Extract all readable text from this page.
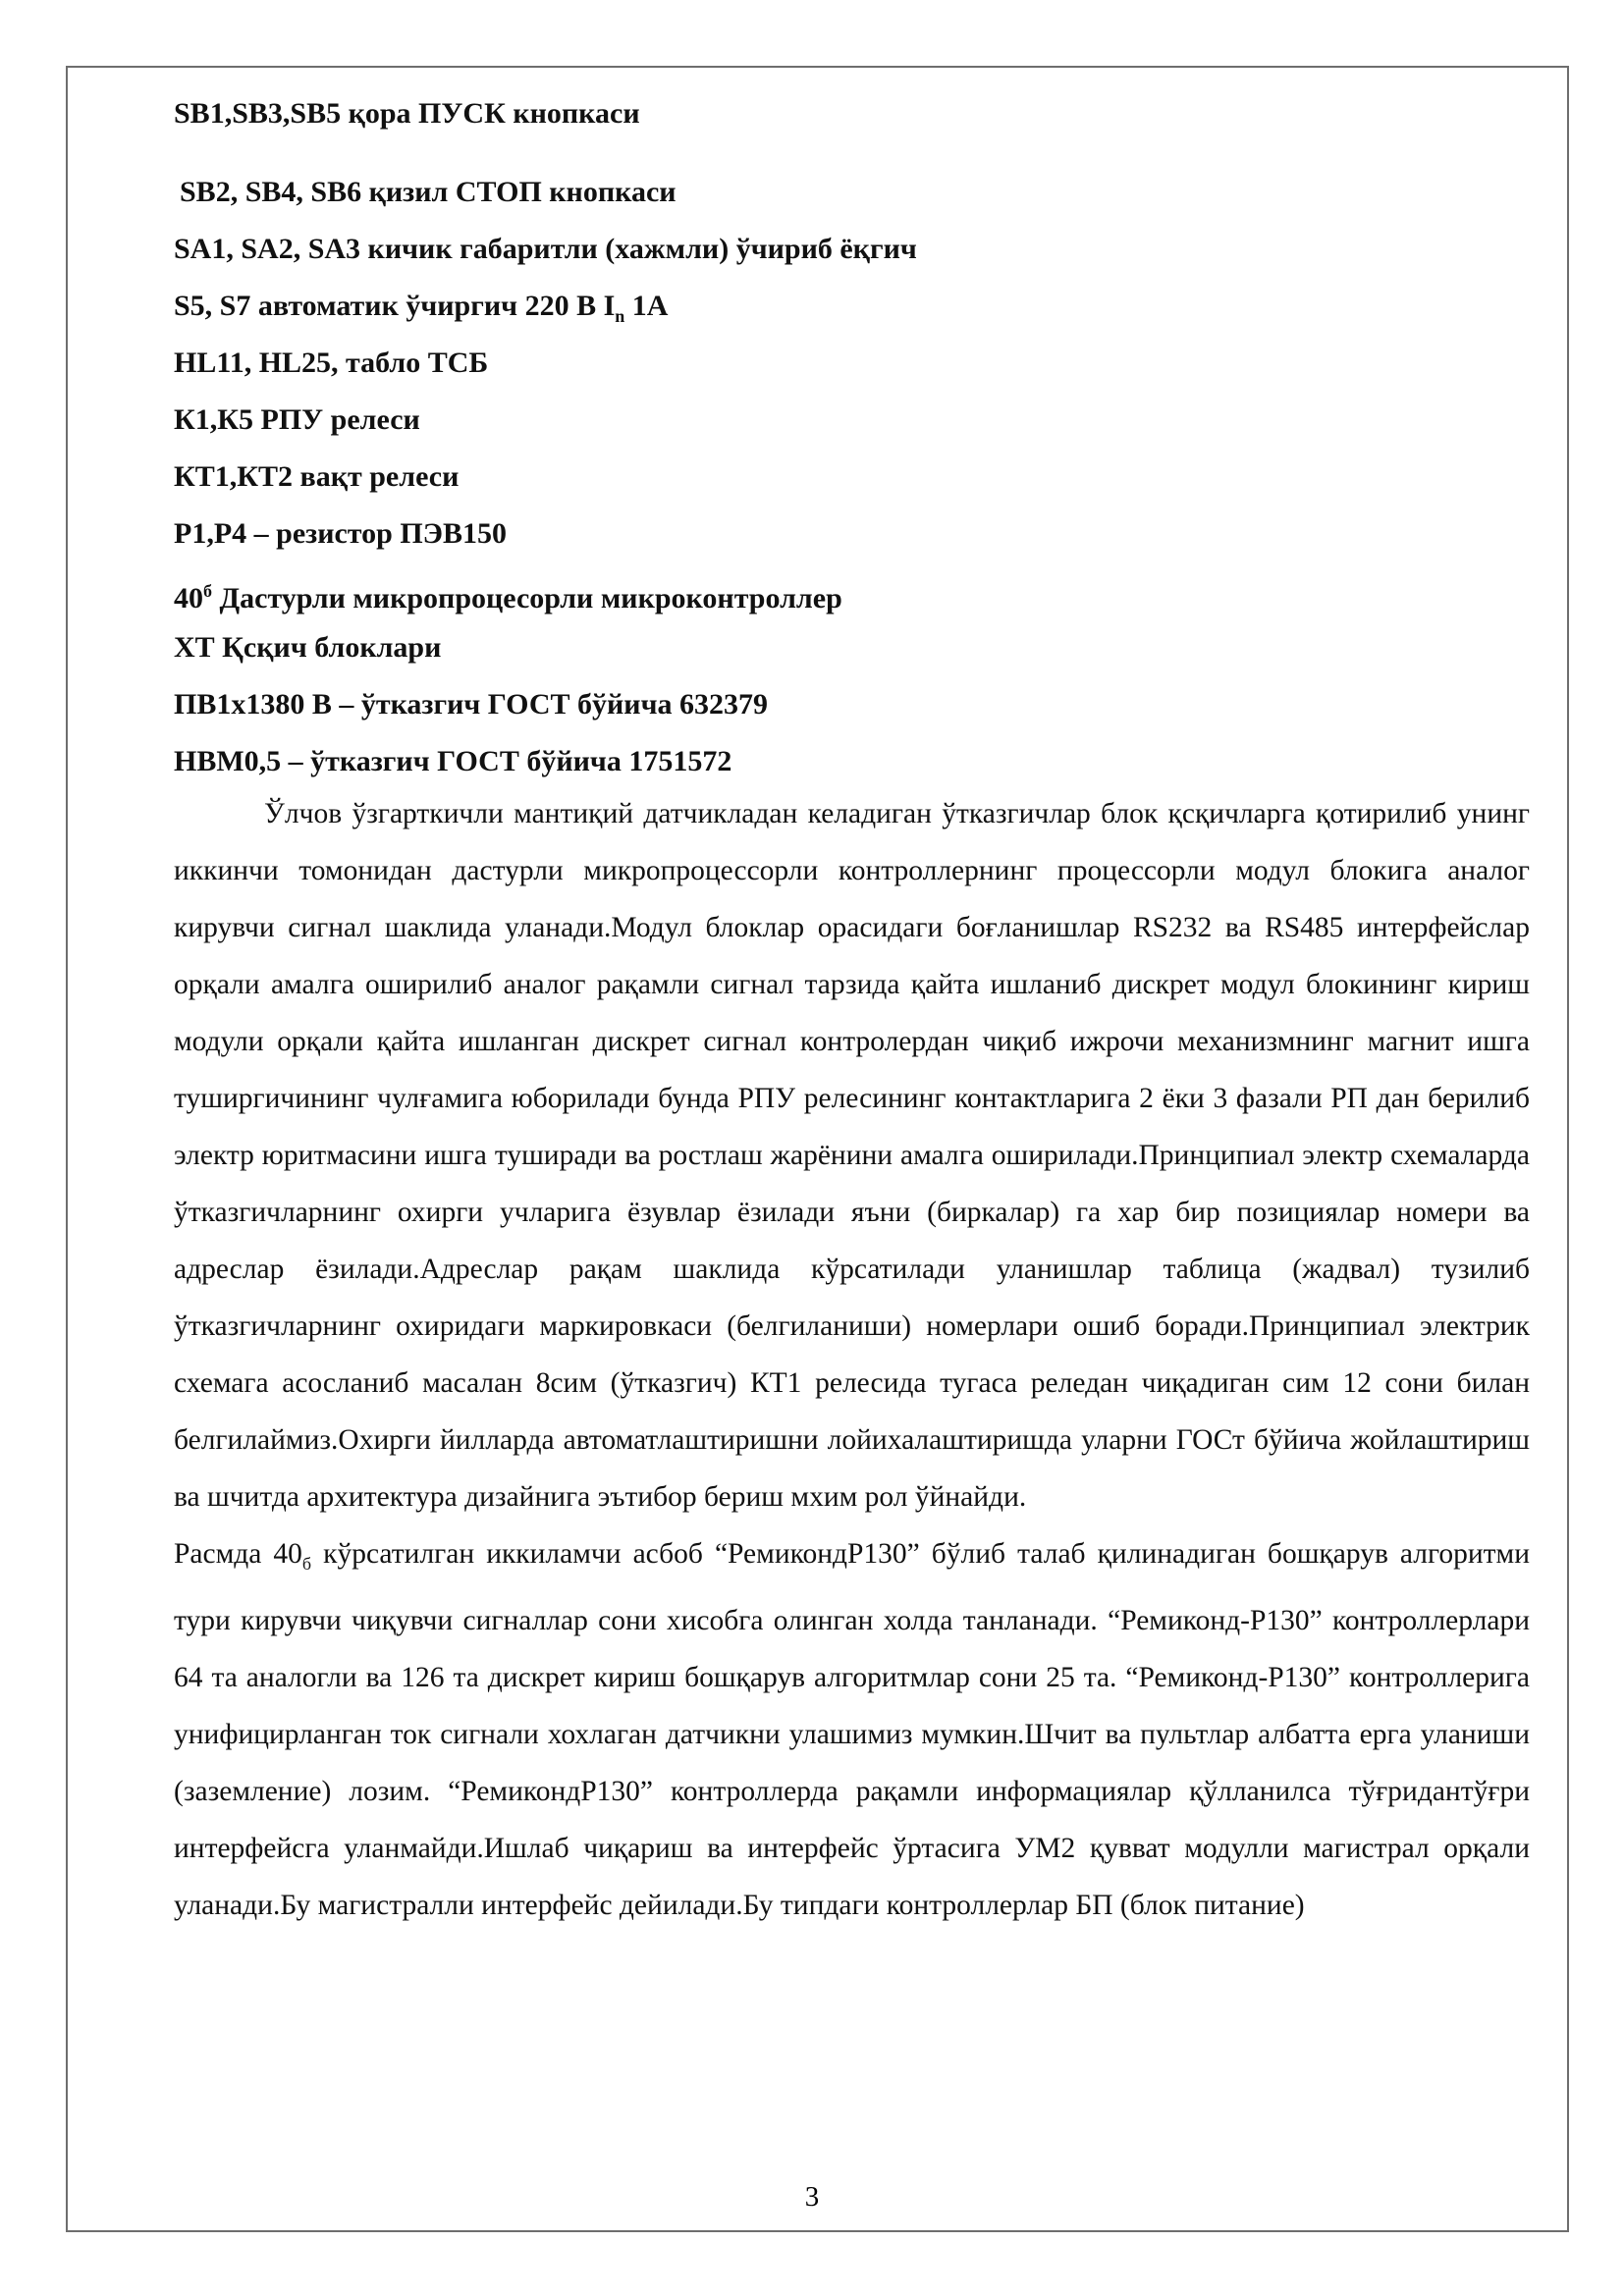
SB1,SB3,SB5 қора ПУСК кнопкаси
SB2, SB4, SB6 қизил СТОП кнопкаси
SA1, SA2, SA3 кичик габаритли (хажмли) ўчириб ёқгич
S5, S7 автоматик ўчиргич 220 В $I_n$ 1А
HL11, HL25, табло ТСБ
К1,К5 РПУ релеси
КТ1,КТ2 вақт релеси
Р1,Р4 – резистор ПЭВ150
$40^б$ Дастурли микропроцесорли микроконтроллер
ХТ Қсқич блоклари
ПВ1х1380 В – ўтказгич ГОСТ бўйича 632379
НВМ0,5 – ўтказгич ГОСТ бўйича 1751572

Ўлчов ўзгарткичли мантиқий датчикладан келадиган ўтказгичлар блок қсқичларга қотирилиб унинг иккинчи томонидан дастурли микропроцессорли контроллернинг процессорли модул блокига аналог кирувчи сигнал шаклида уланади.Модул блоклар орасидаги боғланишлар RS232 ва RS485 интерфейслар орқали амалга оширилиб аналог рақамли сигнал тарзида қайта ишланиб дискрет модул блокининг кириш модули орқали қайта ишланган дискрет сигнал контролердан чиқиб ижрочи механизмнинг магнит ишга туширгичининг чулғамига юборилади бунда РПУ релесининг контактларига 2 ёки 3 фазали РП дан берилиб электр юритмасини ишга туширади ва ростлаш жарёнини амалга оширилади.Принципиал электр схемаларда ўтказгичларнинг охирги учларига ёзувлар ёзилади яъни (биркалар) га хар бир позициялар номери ва адреслар ёзилади.Адреслар рақам шаклида кўрсатилади уланишлар таблица (жадвал) тузилиб ўтказгичларнинг охиридаги маркировкаси (белгиланиши) номерлари ошиб боради.Принципиал электрик схемага асосланиб масалан 8сим (ўтказгич) КТ1 релесида тугаса реледан чиқадиган сим 12 сони билан белгилаймиз.Охирги йилларда автоматлаштиришни лойихалаштиришда уларни ГОСт бўйича жойлаштириш ва шчитда архитектура дизайнига эътибор бериш мхим рол ўйнайди.

Расмда $40_б$ кўрсатилган иккиламчи асбоб “РемикондР130” бўлиб талаб қилинадиган бошқарув алгоритми тури кирувчи чиқувчи сигналлар сони хисобга олинган холда танланади. “Ремиконд-Р130” контроллерлари 64 та аналогли ва 126 та дискрет кириш бошқарув алгоритмлар сони 25 та. “Ремиконд-Р130” контроллерига унифицирланган ток сигнали хохлаган датчикни улашимиз мумкин.Шчит ва пультлар албатта ерга уланиши (заземление) лозим. “РемикондР130” контроллерда рақамли информациялар қўлланилса тўғридантўғри интерфейсга уланмайди.Ишлаб чиқариш ва интерфейс ўртасига УМ2 қувват модулли магистрал орқали уланади.Бу магистралли интерфейс дейилади.Бу типдаги контроллерлар БП (блок питание)

3
